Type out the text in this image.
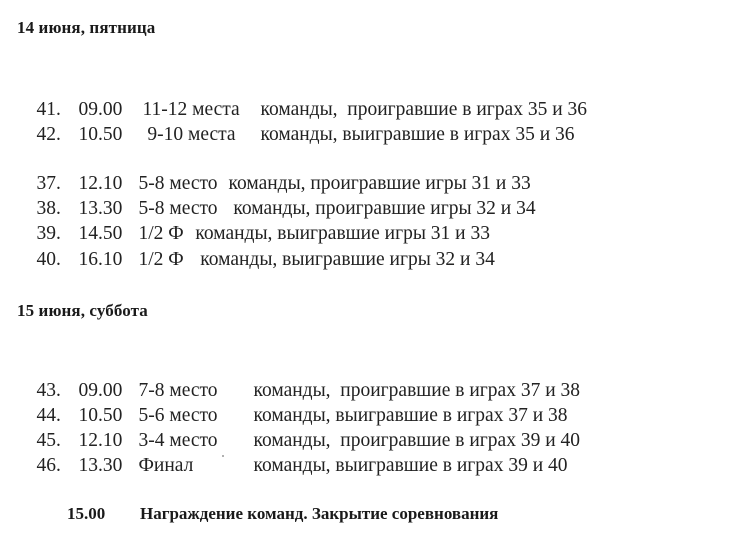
14 июня, пятница

41. 09.00 11-12 места команды,  проигравшие в играх 35 и 36

42. 10.50 9-10 места команды, выигравшие в играх 35 и 36

37. 12.10 5-8 место команды, проигравшие игры 31 и 33

38. 13.30 5-8 место команды, проигравшие игры 32 и 34

39. 14.50 1/2 Ф команды, выигравшие игры 31 и 33

40. 16.10 1/2 Ф  команды, выигравшие игры 32 и 34

15 июня, суббота

43. 09.00 7-8 место команды,  проигравшие в играх 37 и 38

44. 10.50 5-6 место команды, выигравшие в играх 37 и 38

45. 12.10 3-4 место команды,  проигравшие в играх 39 и 40

46. 13.30 Финал	команды, выигравшие в играх 39 и 40

15.00 Награждение команд. Закрытие соревнования
